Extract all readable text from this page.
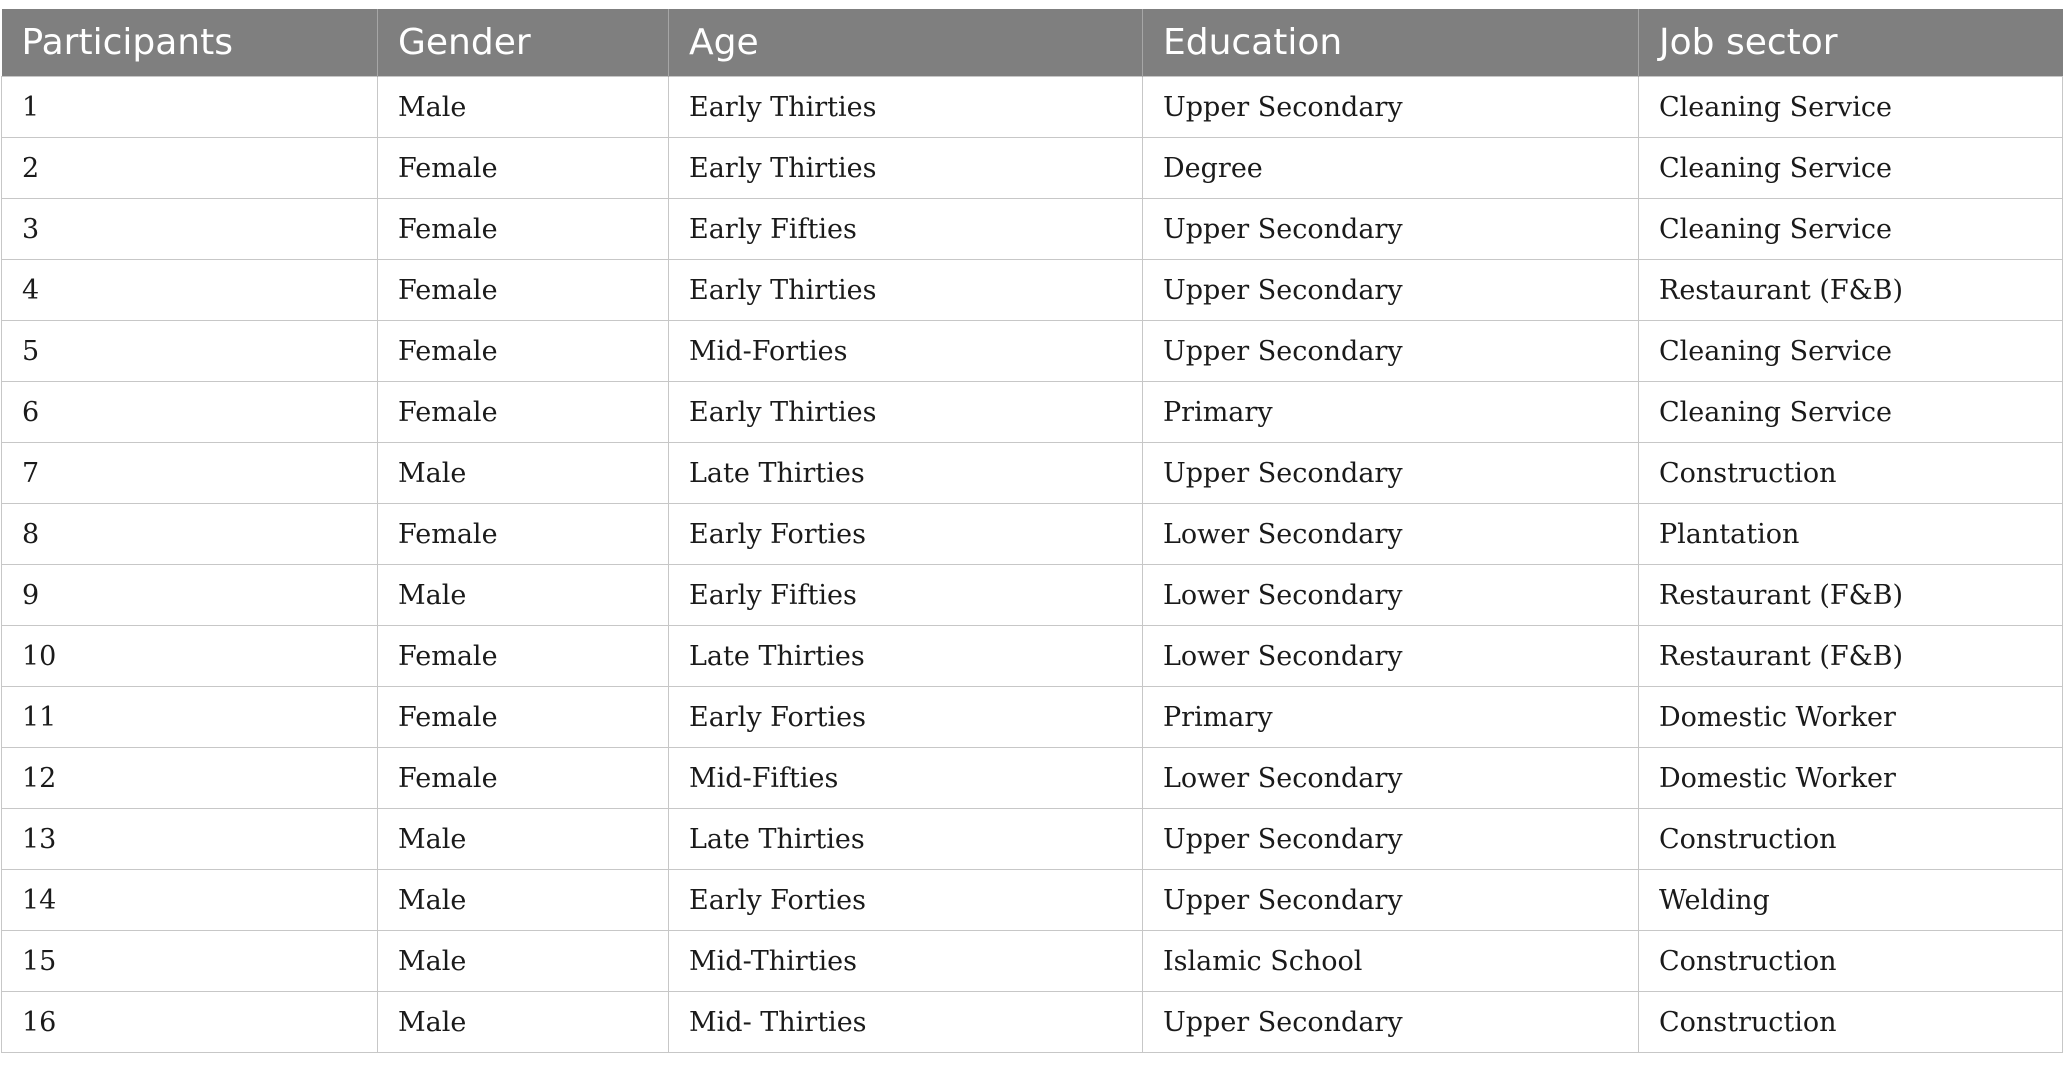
Participants	Gender	Age	Education	Job sector
1	Male	Early Thirties	Upper Secondary	Cleaning Service
2	Female	Early Thirties	Degree	Cleaning Service
3	Female	Early Fifties	Upper Secondary	Cleaning Service
4	Female	Early Thirties	Upper Secondary	Restaurant (F&B)
5	Female	Mid-Forties	Upper Secondary	Cleaning Service
6	Female	Early Thirties	Primary	Cleaning Service
7	Male	Late Thirties	Upper Secondary	Construction
8	Female	Early Forties	Lower Secondary	Plantation
9	Male	Early Fifties	Lower Secondary	Restaurant (F&B)
10	Female	Late Thirties	Lower Secondary	Restaurant (F&B)
11	Female	Early Forties	Primary	Domestic Worker
12	Female	Mid-Fifties	Lower Secondary	Domestic Worker
13	Male	Late Thirties	Upper Secondary	Construction
14	Male	Early Forties	Upper Secondary	Welding
15	Male	Mid-Thirties	Islamic School	Construction
16	Male	Mid- Thirties	Upper Secondary	Construction
